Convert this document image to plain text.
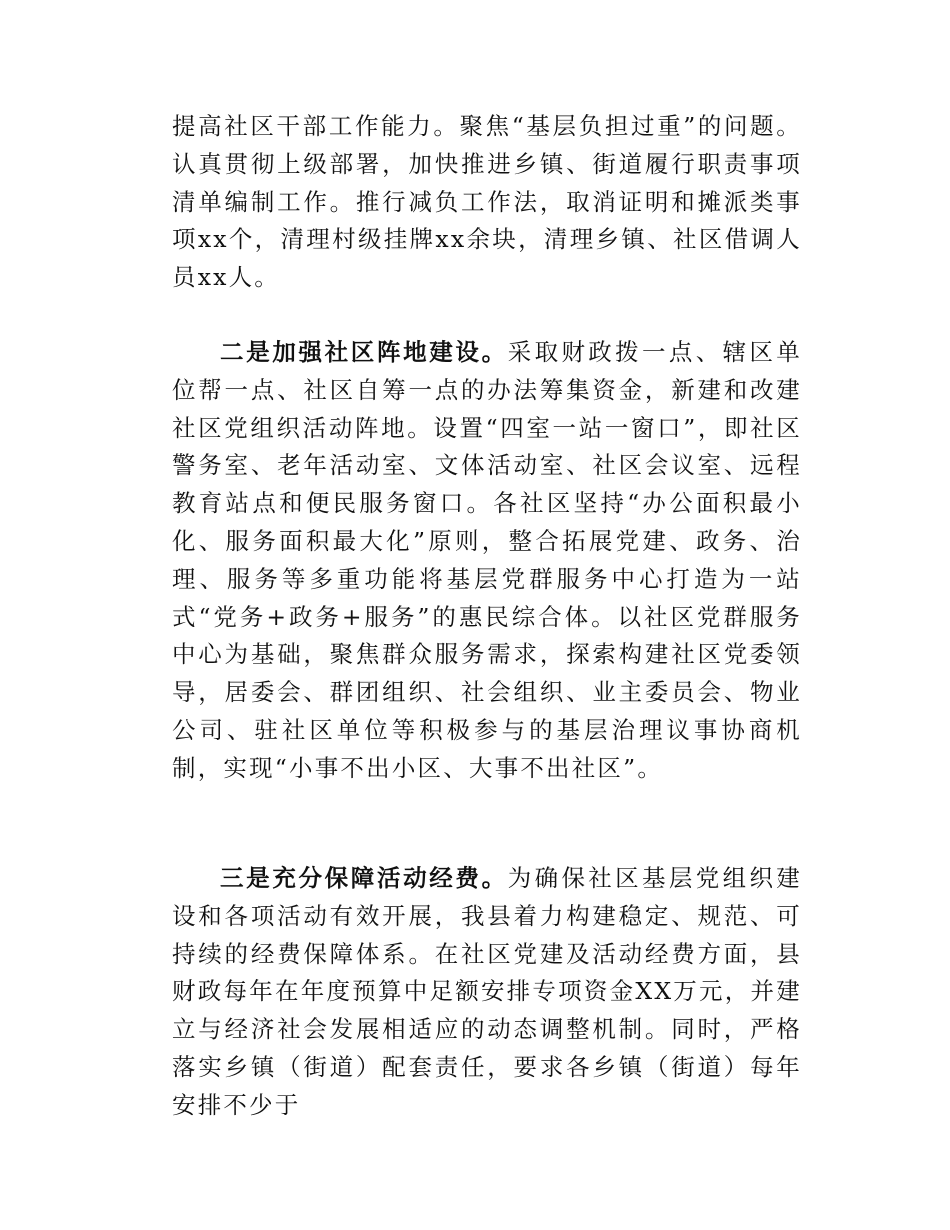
提高社区干部工作能力。聚焦“基层负担过重”的问题。认真贯彻上级部署，加快推进乡镇、街道履行职责事项清单编制工作。推行减负工作法，取消证明和摊派类事项xx个，清理村级挂牌xx余块，清理乡镇、社区借调人员xx人。

二是加强社区阵地建设。采取财政拨一点、辖区单位帮一点、社区自筹一点的办法筹集资金，新建和改建社区党组织活动阵地。设置“四室一站一窗口”，即社区警务室、老年活动室、文体活动室、社区会议室、远程教育站点和便民服务窗口。各社区坚持“办公面积最小化、服务面积最大化”原则，整合拓展党建、政务、治理、服务等多重功能将基层党群服务中心打造为一站式“党务+政务+服务”的惠民综合体。以社区党群服务中心为基础，聚焦群众服务需求，探索构建社区党委领导，居委会、群团组织、社会组织、业主委员会、物业公司、驻社区单位等积极参与的基层治理议事协商机制，实现“小事不出小区、大事不出社区”。

三是充分保障活动经费。为确保社区基层党组织建设和各项活动有效开展，我县着力构建稳定、规范、可持续的经费保障体系。在社区党建及活动经费方面，县财政每年在年度预算中足额安排专项资金XX万元，并建立与经济社会发展相适应的动态调整机制。同时，严格落实乡镇（街道）配套责任，要求各乡镇（街道）每年安排不少于
